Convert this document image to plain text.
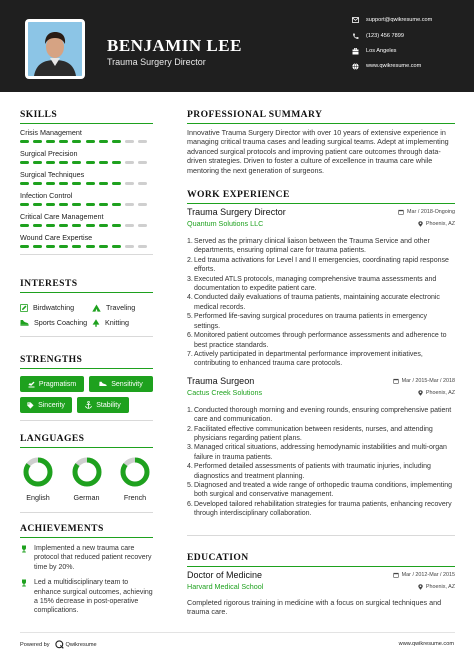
BENJAMIN LEE
Trauma Surgery Director
support@qwikresume.com
(123) 456 7899
Los Angeles
www.qwikresume.com
SKILLS
Crisis Management
Surgical Precision
Surgical Techniques
Infection Control
Critical Care Management
Wound Care Expertise
INTERESTS
Birdwatching	Traveling
Sports Coaching Knitting
STRENGTHS
Pragmatism	Sensitivity
Sincerity	Stability
LANGUAGES
English	German	French
ACHIEVEMENTS
Implemented a new trauma care protocol that reduced patient recovery time by 20%.
Led a multidisciplinary team to enhance surgical outcomes, achieving a 15% decrease in post-operative complications.
PROFESSIONAL SUMMARY
Innovative Trauma Surgery Director with over 10 years of extensive experience in managing critical trauma cases and leading surgical teams. Adept at implementing advanced surgical protocols and improving patient care outcomes through data-driven strategies. Driven to foster a culture of excellence in trauma care while mentoring the next generation of surgeons.
WORK EXPERIENCE
Trauma Surgery Director	Mar / 2018-Ongoing
Quantum Solutions LLC	Phoenix, AZ
1. Served as the primary clinical liaison between the Trauma Service and other departments, ensuring optimal care for trauma patients.
2. Led trauma activations for Level I and II emergencies, coordinating rapid response efforts.
3. Executed ATLS protocols, managing comprehensive trauma assessments and documentation to expedite patient care.
4. Conducted daily evaluations of trauma patients, maintaining accurate electronic medical records.
5. Performed life-saving surgical procedures on trauma patients in emergency settings.
6. Monitored patient outcomes through performance assessments and adherence to best practice standards.
7. Actively participated in departmental performance improvement initiatives, contributing to enhanced trauma care protocols.
Trauma Surgeon	Mar / 2015-Mar / 2018
Cactus Creek Solutions	Phoenix, AZ
1. Conducted thorough morning and evening rounds, ensuring comprehensive patient care and communication.
2. Facilitated effective communication between residents, nurses, and attending physicians regarding patient plans.
3. Managed critical situations, addressing hemodynamic instabilities and multi-organ failure in trauma patients.
4. Performed detailed assessments of patients with traumatic injuries, including diagnostics and treatment planning.
5. Diagnosed and treated a wide range of orthopedic trauma conditions, implementing both surgical and conservative management.
6. Developed tailored rehabilitation strategies for trauma patients, enhancing recovery through interdisciplinary collaboration.
EDUCATION
Doctor of Medicine	Mar / 2012-Mar / 2015
Harvard Medical School	Phoenix, AZ
Completed rigorous training in medicine with a focus on surgical techniques and trauma care.
Powered by	Qwikresume	www.qwikresume.com
